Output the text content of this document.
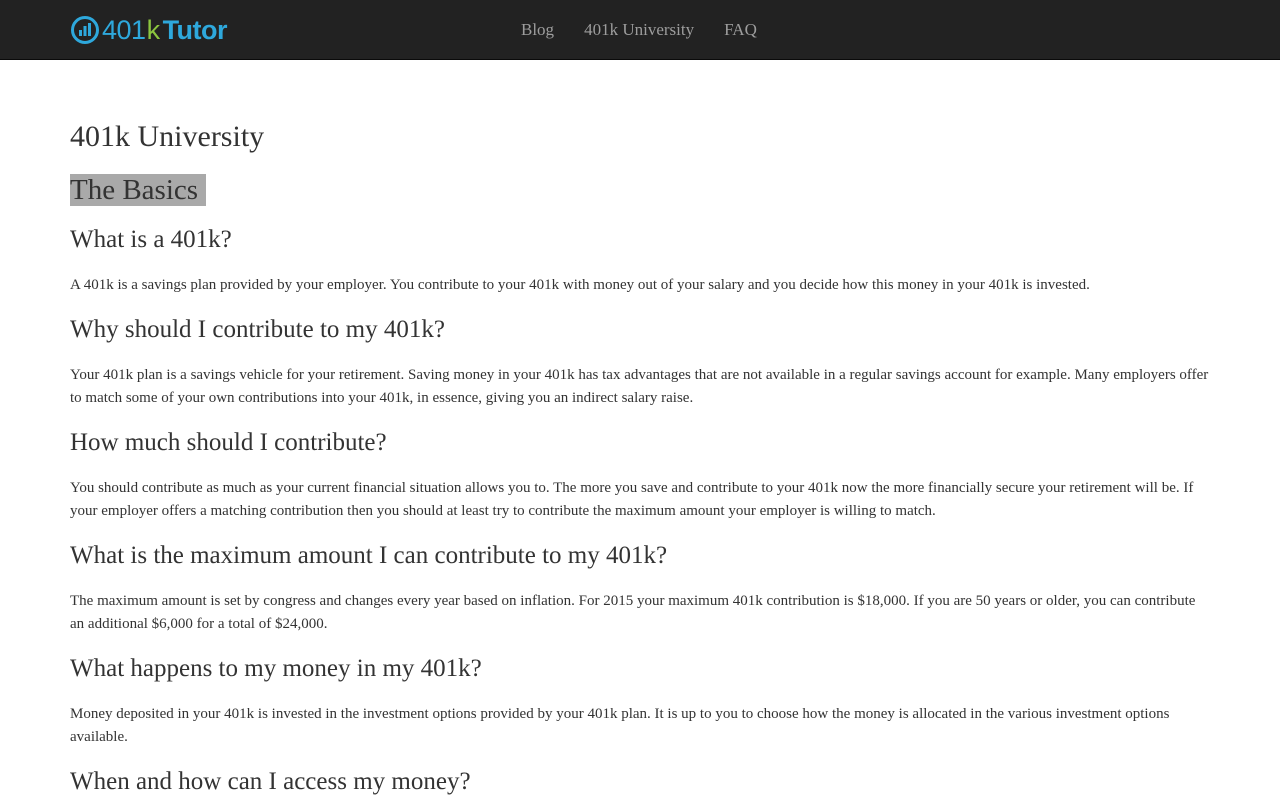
401k Tutor	Blog	401k University	FAQ
401k University
The Basics
What is a 401k?

A 401k is a savings plan provided by your employer. You contribute to your 401k with money out of your salary and you decide how this money in your 401k is invested.

Why should I contribute to my 401k?

Your 401k plan is a savings vehicle for your retirement. Saving money in your 401k has tax advantages that are not available in a regular savings account for example. Many employers offer to match some of your own contributions into your 401k, in essence, giving you an indirect salary raise.

How much should I contribute?

You should contribute as much as your current financial situation allows you to. The more you save and contribute to your 401k now the more financially secure your retirement will be. If your employer offers a matching contribution then you should at least try to contribute the maximum amount your employer is willing to match.

What is the maximum amount I can contribute to my 401k?

The maximum amount is set by congress and changes every year based on inflation. For 2015 your maximum 401k contribution is $18,000. If you are 50 years or older, you can contribute an additional $6,000 for a total of $24,000.

What happens to my money in my 401k?

Money deposited in your 401k is invested in the investment options provided by your 401k plan. It is up to you to choose how the money is allocated in the various investment options available.

When and how can I access my money?
